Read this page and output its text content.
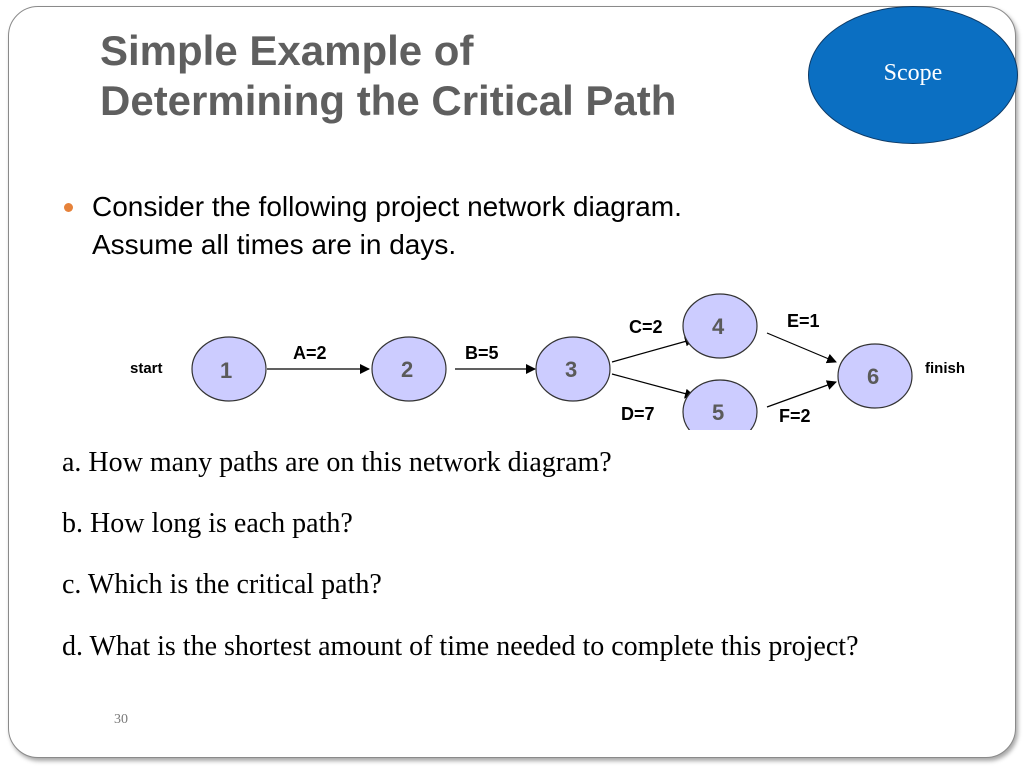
Simple Example of
Determining the Critical Path
Scope
Consider the following project network diagram.
Assume all times are in days.
1	2	3
4
5
6
A=2	B=5
C=2
D=7
E=1
F=2
start	finish
a. How many paths are on this network diagram?
b. How long is each path?
c. Which is the critical path?
d. What is the shortest amount of time needed to complete this project?
30
